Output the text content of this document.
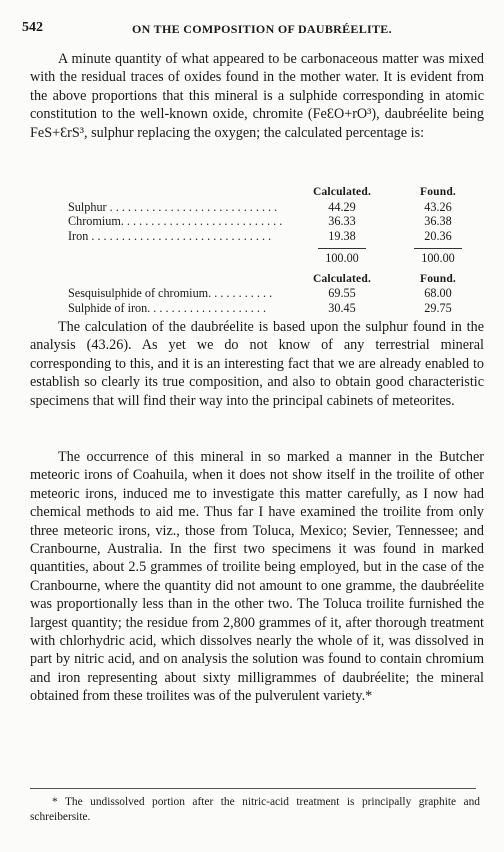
542	ON THE COMPOSITION OF DAUBRÉELITE.

A minute quantity of what appeared to be carbonaceous matter was mixed with the residual traces of oxides found in the mother water. It is evident from the above proportions that this mineral is a sulphide corresponding in atomic constitution to the well-known oxide, chromite (FeƐO+rO³), daubréelite being FeS+ƐrS³, sulphur replacing the oxygen; the calculated percentage is:

Calculated.	Found.
Sulphur . . . . . . . . . . . . . . . . . . . . . . . . . . . .	44.29	43.26
Chromium. . . . . . . . . . . . . . . . . . . . . . . . . . .	36.33	36.38
Iron . . . . . . . . . . . . . . . . . . . . . . . . . . . . . .	19.38	20.36
100.00	100.00
Calculated.	Found.
Sesquisulphide of chromium. . . . . . . . . . .	69.55	68.00
Sulphide of iron. . . . . . . . . . . . . . . . . . . .	30.45	29.75

The calculation of the daubréelite is based upon the sulphur found in the analysis (43.26). As yet we do not know of any terrestrial mineral corresponding to this, and it is an interesting fact that we are already enabled to establish so clearly its true composition, and also to obtain good characteristic specimens that will find their way into the principal cabinets of meteorites.

The occurrence of this mineral in so marked a manner in the Butcher meteoric irons of Coahuila, when it does not show itself in the troilite of other meteoric irons, induced me to investigate this matter carefully, as I now had chemical methods to aid me. Thus far I have examined the troilite from only three meteoric irons, viz., those from Toluca, Mexico; Sevier, Tennessee; and Cranbourne, Australia. In the first two specimens it was found in marked quantities, about 2.5 grammes of troilite being employed, but in the case of the Cranbourne, where the quantity did not amount to one gramme, the daubréelite was proportionally less than in the other two. The Toluca troilite furnished the largest quantity; the residue from 2,800 grammes of it, after thorough treatment with chlorhydric acid, which dissolves nearly the whole of it, was dissolved in part by nitric acid, and on analysis the solution was found to contain chromium and iron representing about sixty milligrammes of daubréelite; the mineral obtained from these troilites was of the pulverulent variety.*

* The undissolved portion after the nitric-acid treatment is principally graphite and schreibersite.
